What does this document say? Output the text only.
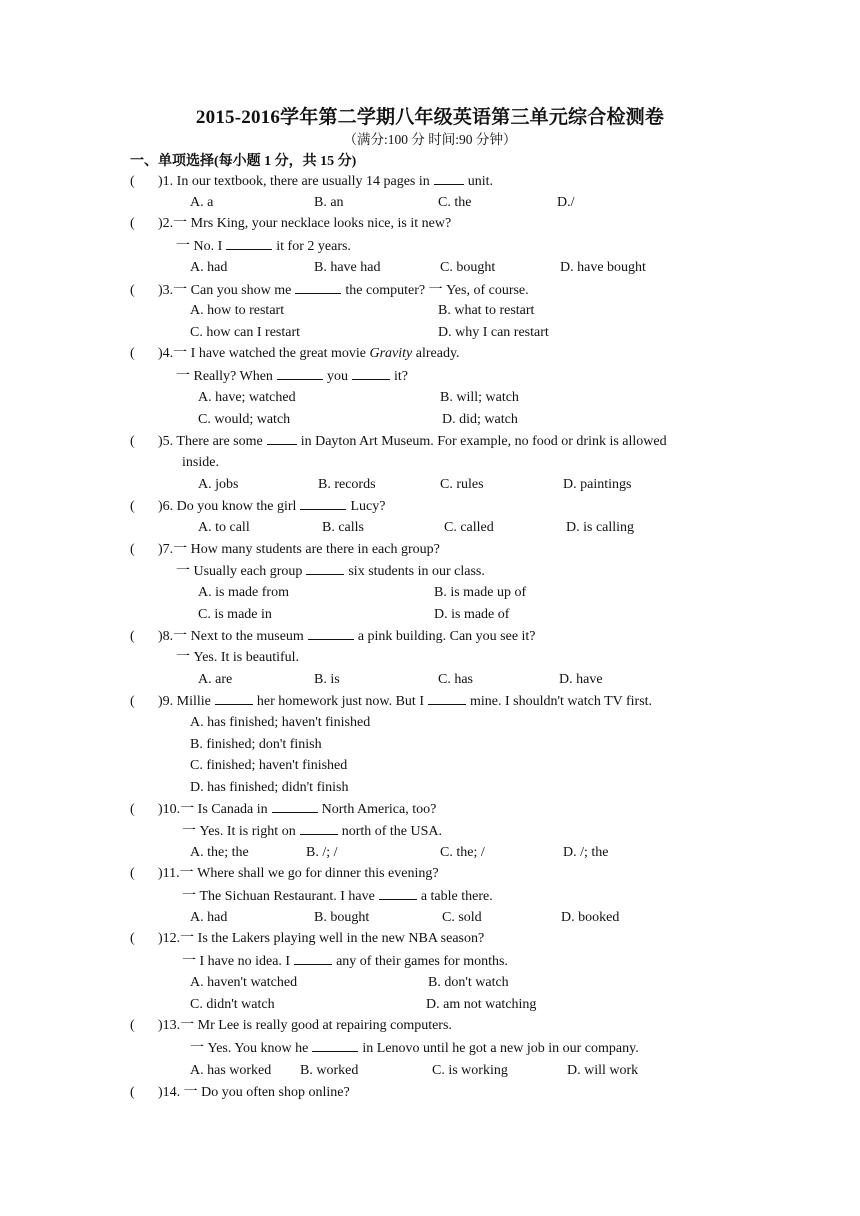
2015-2016学年第二学期八年级英语第三单元综合检测卷
（满分:100 分 时间:90 分钟）
一、单项选择(每小题 1 分，共 15 分)
( )1. In our textbook, there are usually 14 pages in	unit.
A. a	B. an	C. the	D./
( )2.一 Mrs King, your necklace looks nice, is it new?
一 No. I	it for 2 years.
A. had	B. have had	C. bought	D. have bought
( )3.一 Can you show me	the computer? 一 Yes, of course.
A. how to restart	B. what to restart
C. how can I restart	D. why I can restart
( )4.一 I have watched the great movie Gravity already.
一 Really? When	you	it?
A. have; watched	B. will; watch
C. would; watch	D. did; watch
( )5. There are some	in Dayton Art Museum. For example, no food or drink is allowed
inside.
A. jobs	B. records	C. rules	D. paintings
( )6. Do you know the girl	Lucy?
A. to call	B. calls	C. called	D. is calling
( )7.一 How many students are there in each group?
一 Usually each group	six students in our class.
A. is made from	B. is made up of
C. is made in	D. is made of
( )8.一 Next to the museum	a pink building. Can you see it?
一 Yes. It is beautiful.
A. are	B. is	C. has	D. have
( )9. Millie	her homework just now. But I	mine. I shouldn't watch TV first.
A. has finished; haven't finished
B. finished; don't finish
C. finished; haven't finished
D. has finished; didn't finish
( )10.一 Is Canada in	North America, too?
一 Yes. It is right on	north of the USA.
A. the; the	B. /; /	C. the; /	D. /; the
( )11.一 Where shall we go for dinner this evening?
一 The Sichuan Restaurant. I have	a table there.
A. had	B. bought	C. sold	D. booked
( )12.一 Is the Lakers playing well in the new NBA season?
一 I have no idea. I	any of their games for months.
A. haven't watched	B. don't watch
C. didn't watch	D. am not watching
( )13.一 Mr Lee is really good at repairing computers.
一 Yes. You know he	in Lenovo until he got a new job in our company.
A. has worked B. worked	C. is working	D. will work
( )14. 一 Do you often shop online?
